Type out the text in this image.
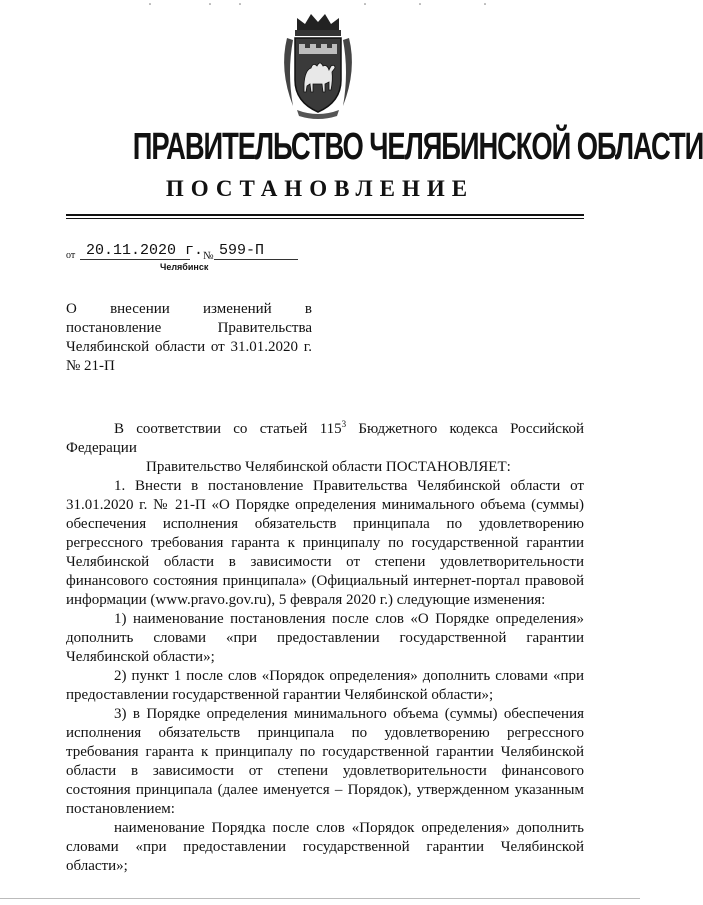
ПРАВИТЕЛЬСТВО ЧЕЛЯБИНСКОЙ ОБЛАСТИ
ПОСТАНОВЛЕНИЕ
от 20.11.2020 г. № 599-П
Челябинск

О внесении изменений в

постановление Правительства

Челябинской области от 31.01.2020 г.

№ 21-П

В соответствии со статьей $115^3$ Бюджетного кодекса Российской Федерации

Правительство Челябинской области ПОСТАНОВЛЯЕТ:

1. Внести в постановление Правительства Челябинской области от 31.01.2020 г. № 21-П «О Порядке определения минимального объема (суммы) обеспечения исполнения обязательств принципала по удовлетворению регрессного требования гаранта к принципалу по государственной гарантии Челябинской области в зависимости от степени удовлетворительности финансового состояния принципала» (Официальный интернет-портал правовой информации (www.pravo.gov.ru), 5 февраля 2020 г.) следующие изменения:

1) наименование постановления после слов «О Порядке определения» дополнить словами «при предоставлении государственной гарантии Челябинской области»;

2) пункт 1 после слов «Порядок определения» дополнить словами «при предоставлении государственной гарантии Челябинской области»;

3) в Порядке определения минимального объема (суммы) обеспечения исполнения обязательств принципала по удовлетворению регрессного требования гаранта к принципалу по государственной гарантии Челябинской области в зависимости от степени удовлетворительности финансового состояния принципала (далее именуется – Порядок), утвержденном указанным постановлением:

наименование Порядка после слов «Порядок определения» дополнить словами «при предоставлении государственной гарантии Челябинской области»;
